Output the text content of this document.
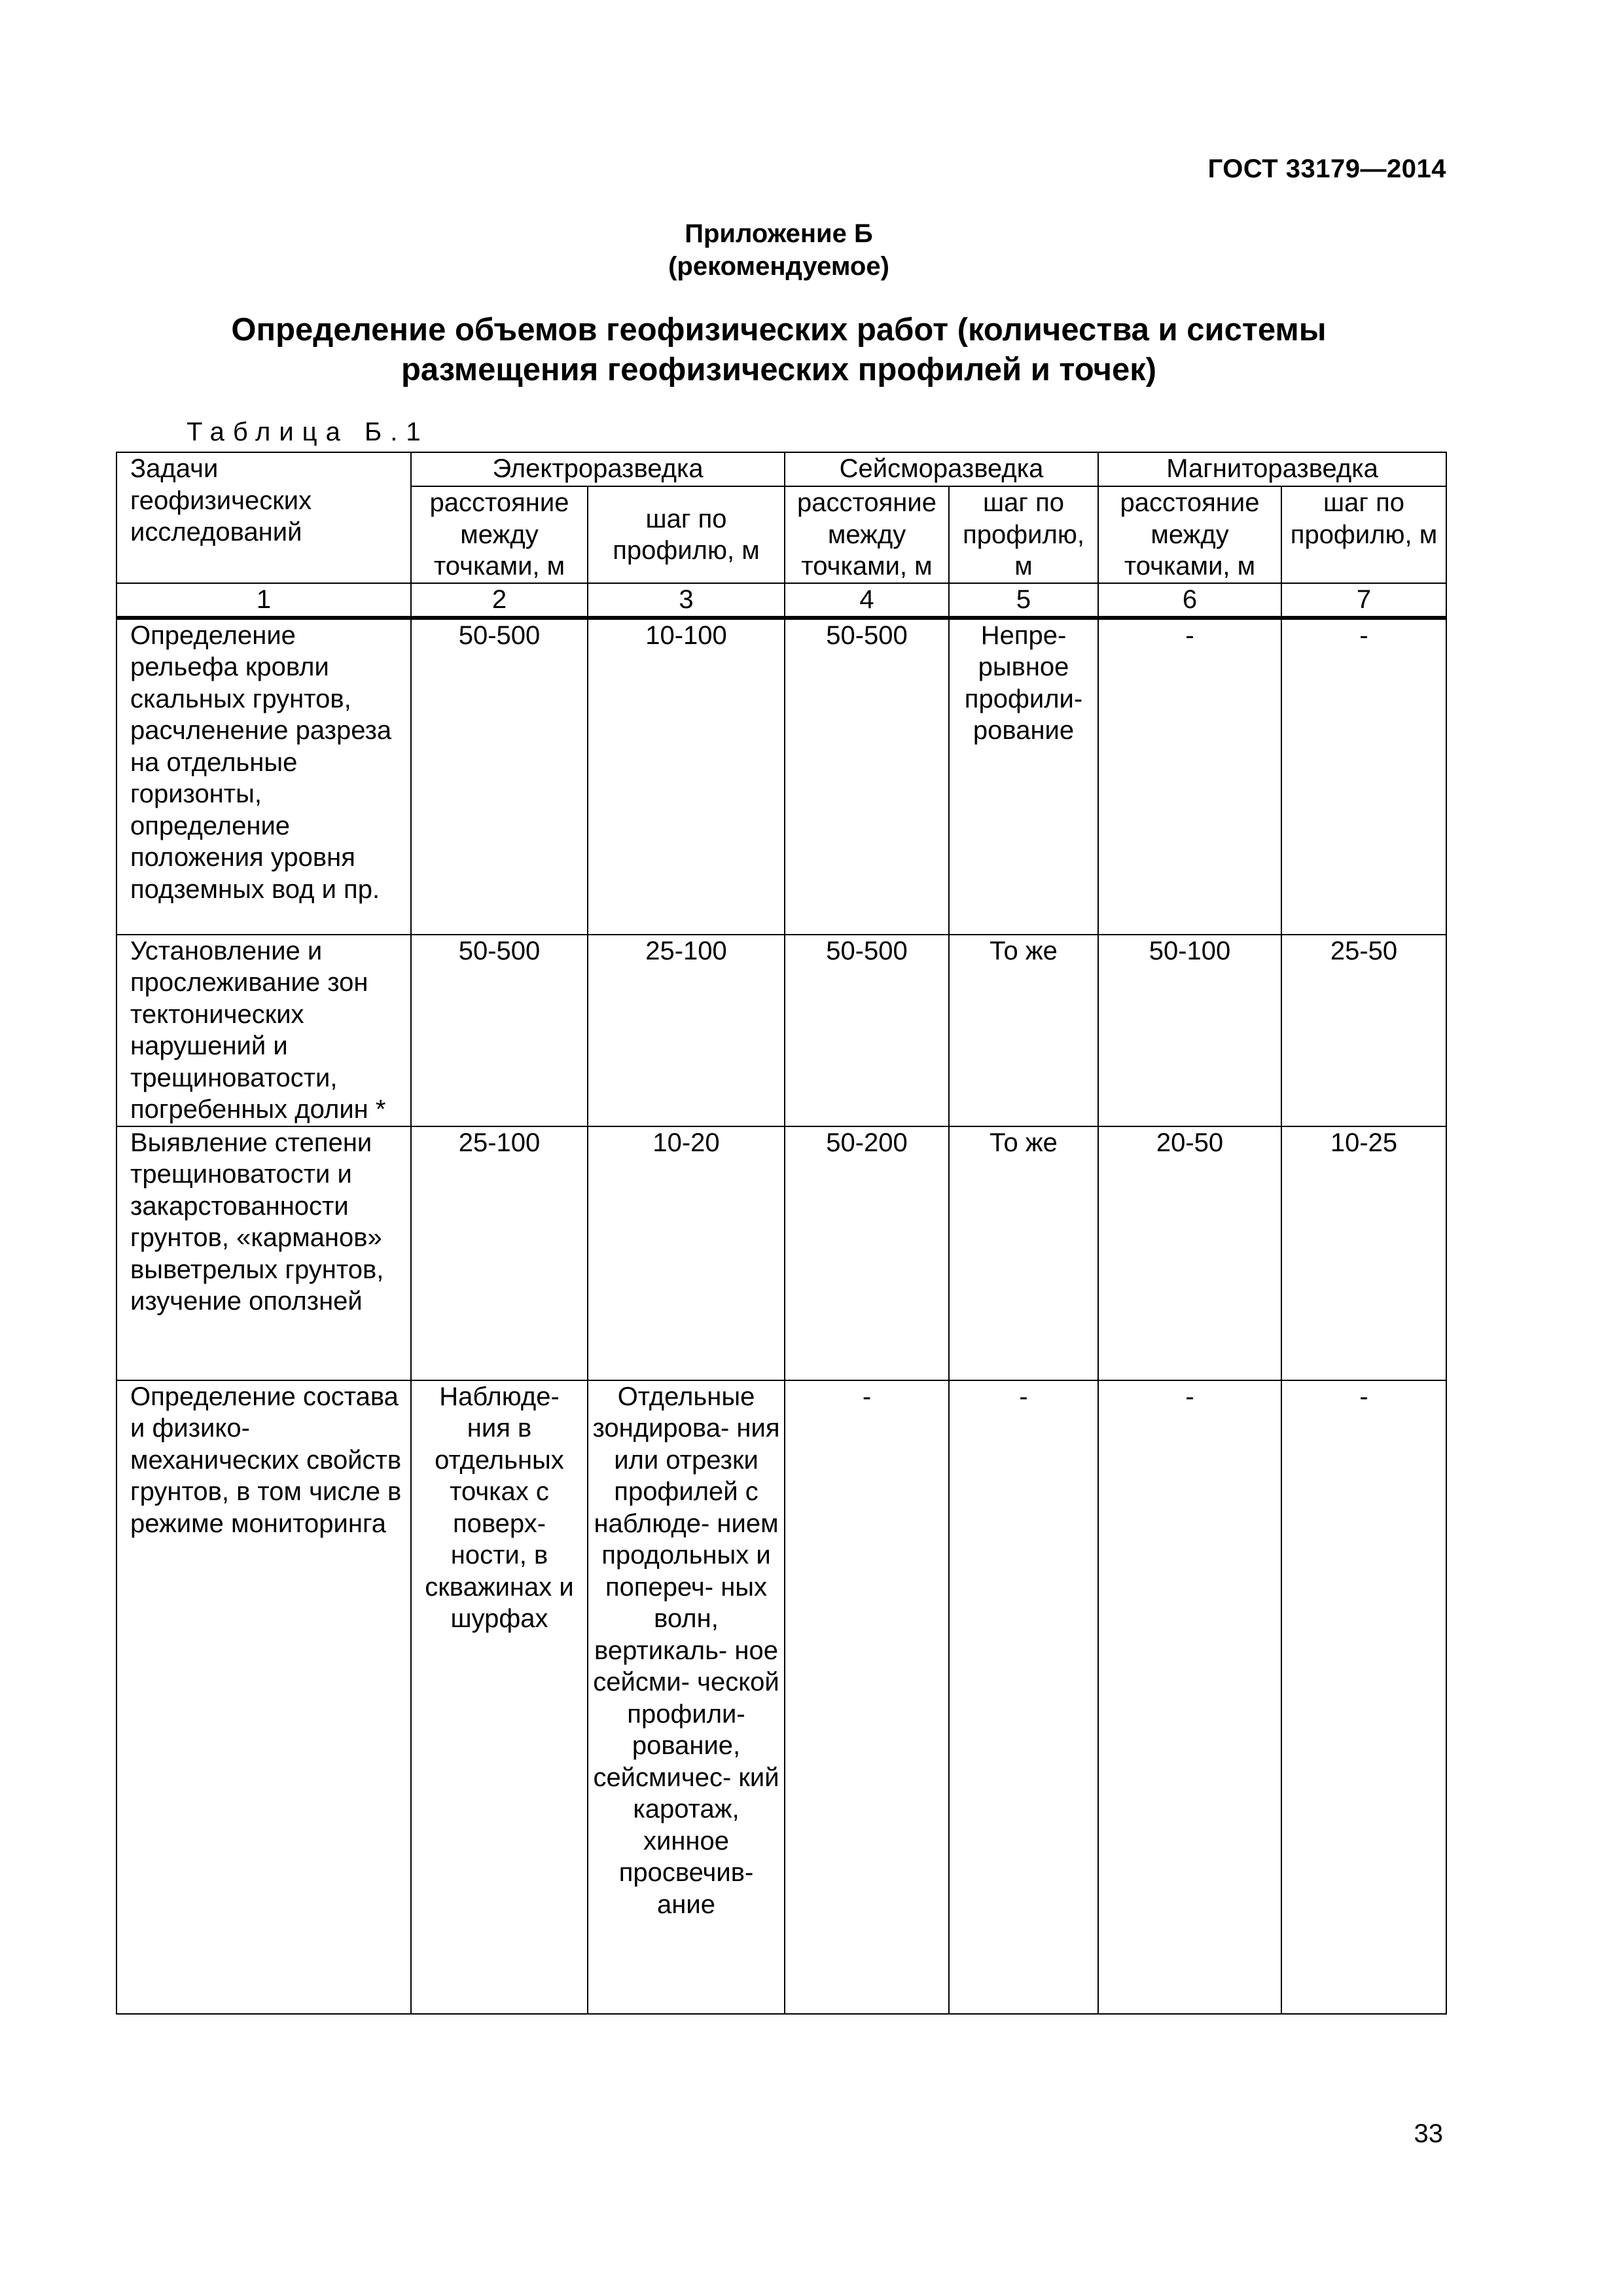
ГОСТ 33179—2014
Приложение Б
(рекомендуемое)
Определение объемов геофизических работ (количества и системы
размещения геофизических профилей и точек)
Таблица Б.1
Задачи геофизических исследований	Электроразведка		Сейсморазведка		Магниторазведка	
	расстояние между точками, м	шаг по профилю, м	расстояние между точками, м	шаг по профилю, м	расстояние между точками, м	шаг по профилю, м
1	2	3	4	5	6	7
Определение рельефа кровли скальных грунтов, расчленение разреза на отдельные горизонты, определение положения уровня подземных вод и пр.	50-500	10-100	50-500	Непре- рывное профили- рование	-	-
Установление и прослеживание зон тектонических нарушений и трещиноватости, погребенных долин *	50-500	25-100	50-500	То же	50-100	25-50
Выявление степени трещиноватости и закарстованности грунтов, «карманов» выветрелых грунтов, изучение оползней	25-100	10-20	50-200	То же	20-50	10-25
Определение состава и физико-механических свойств грунтов, в том числе в режиме мониторинга	Наблюде- ния в отдельных точках с поверх- ности, в скважинах и шурфах	Отдельные зондирова- ния или отрезки профилей с наблюде- нием продольных и попереч- ных волн, вертикаль- ное сейсми- ческой профили- рование, сейсмичес- кий каротаж, хинное просвечив- ание	-	-	-	-
33
